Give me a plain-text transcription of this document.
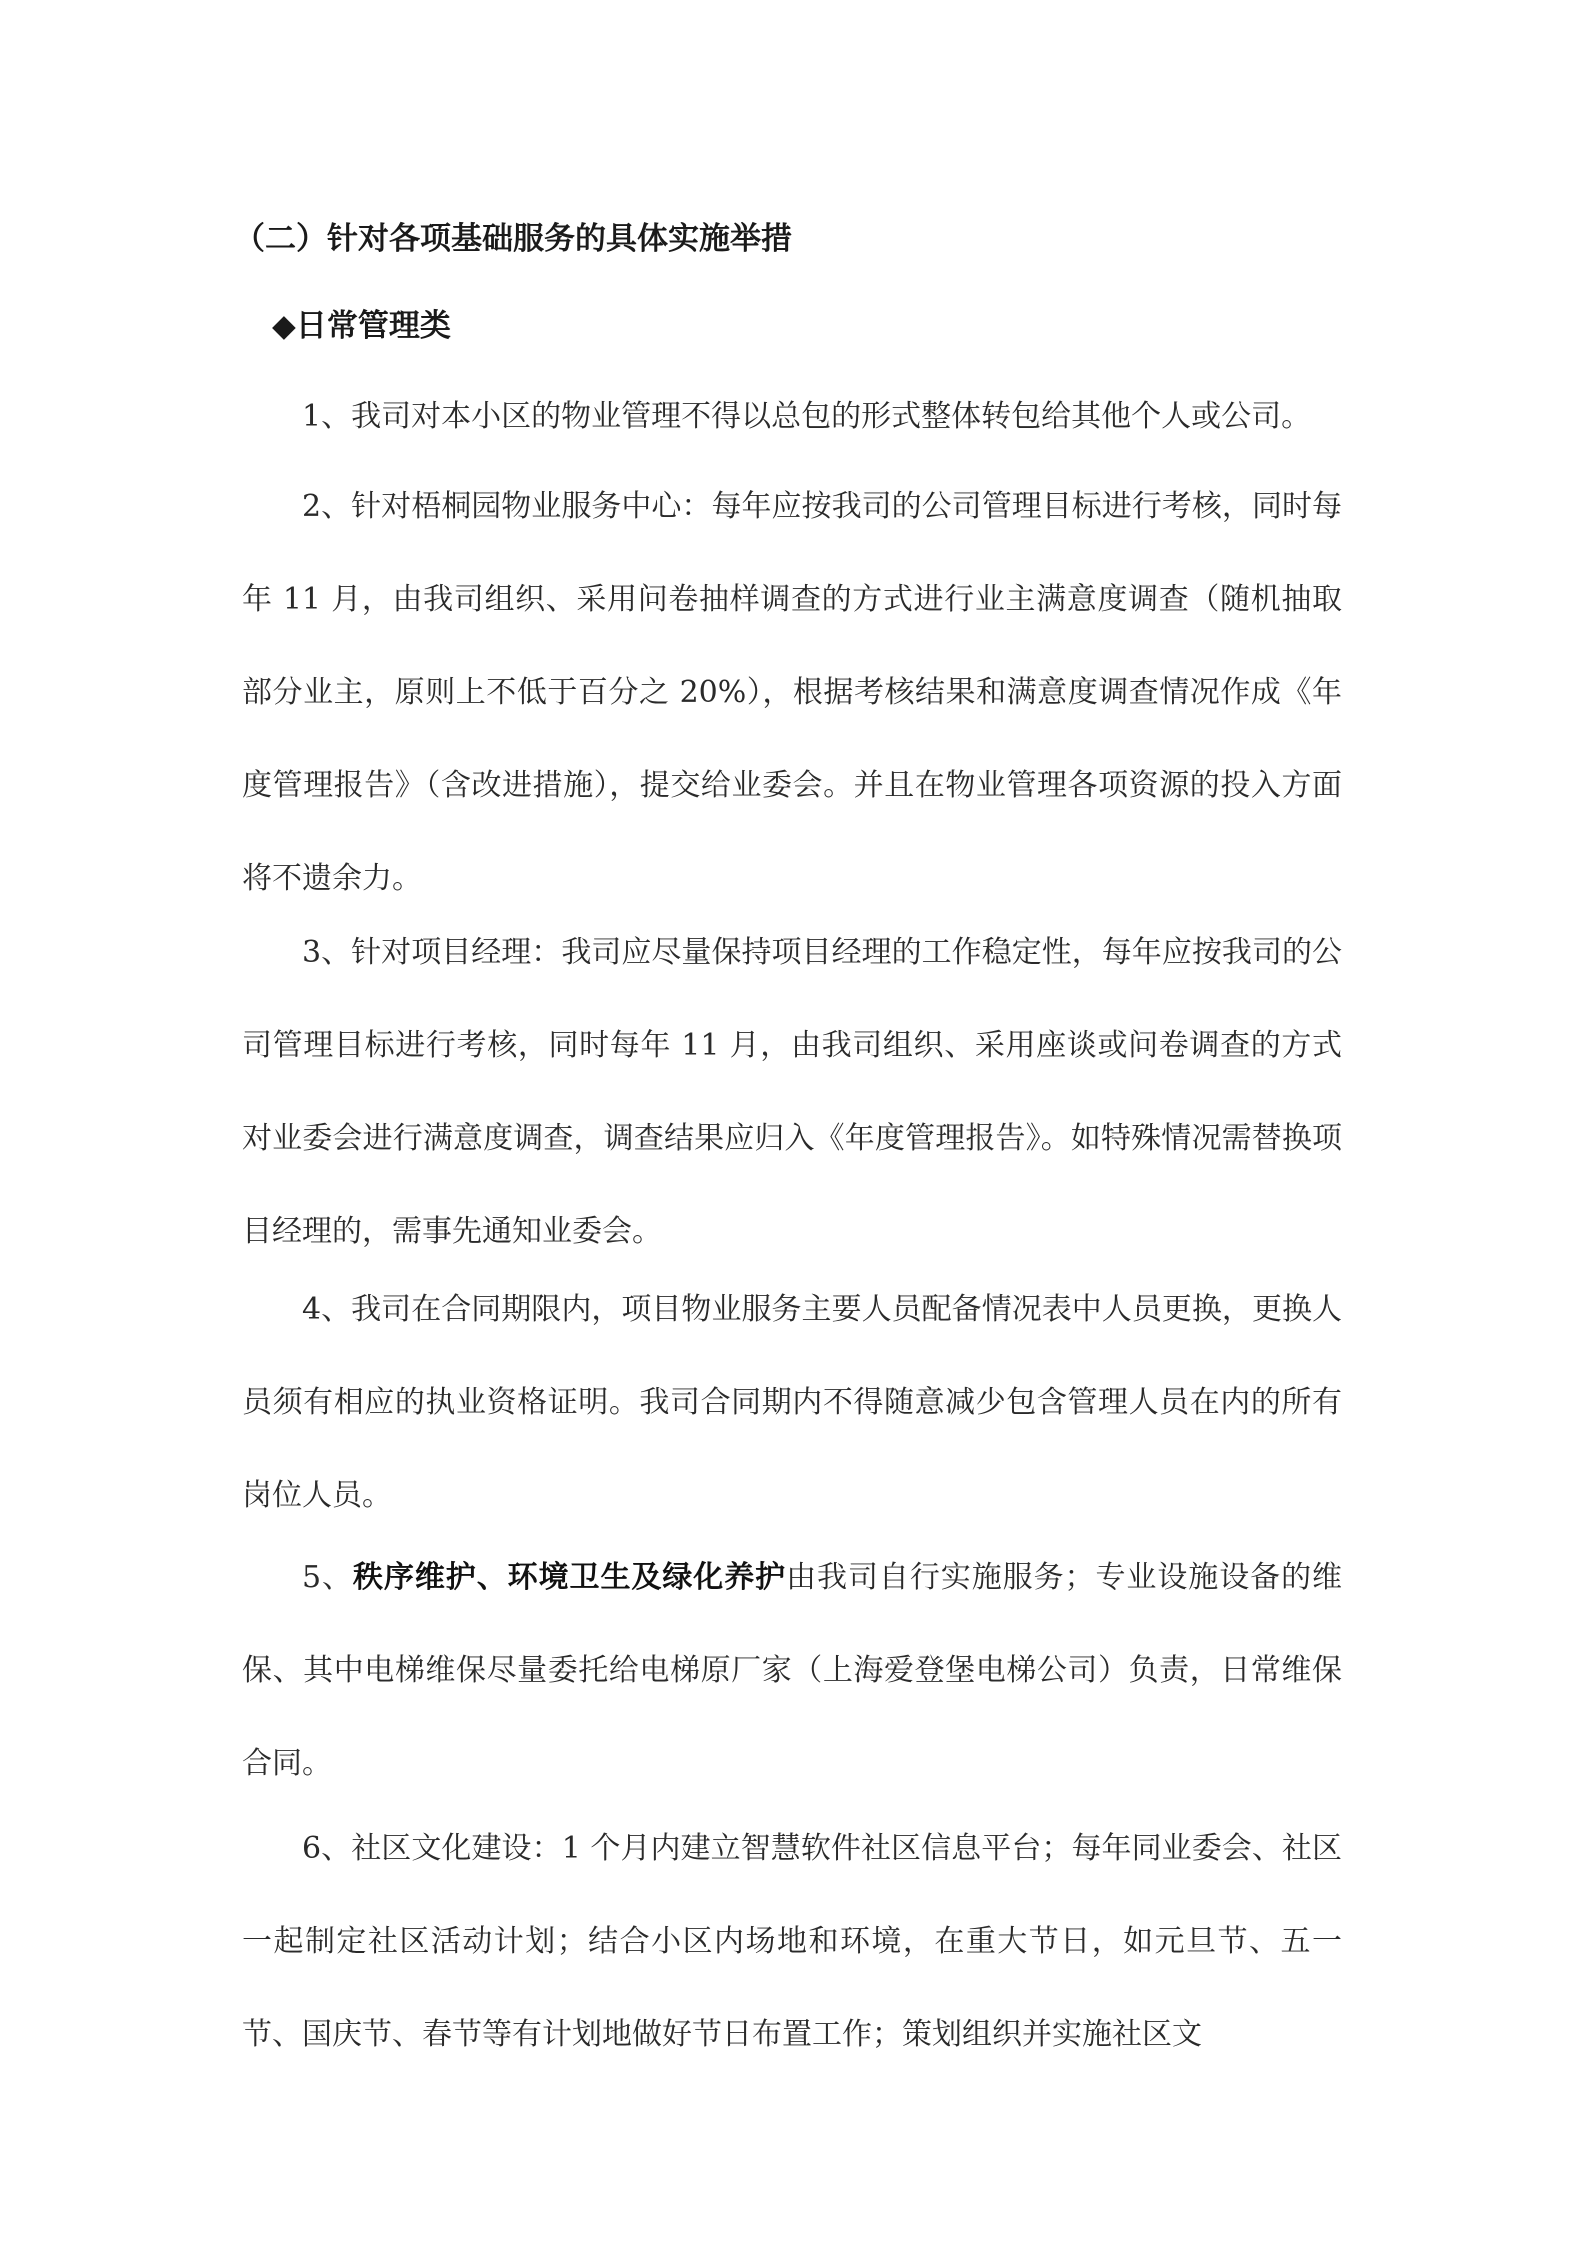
（二）针对各项基础服务的具体实施举措
◆日常管理类
1、我司对本小区的物业管理不得以总包的形式整体转包给其他个人或公司。
2、针对梧桐园物业服务中心：每年应按我司的公司管理目标进行考核，同时每年 11 月，由我司组织、采用问卷抽样调查的方式进行业主满意度调查（随机抽取部分业主，原则上不低于百分之 20%），根据考核结果和满意度调查情况作成《年度管理报告》（含改进措施），提交给业委会。并且在物业管理各项资源的投入方面将不遗余力。
3、针对项目经理：我司应尽量保持项目经理的工作稳定性，每年应按我司的公司管理目标进行考核，同时每年 11 月，由我司组织、采用座谈或问卷调查的方式对业委会进行满意度调查，调查结果应归入《年度管理报告》。如特殊情况需替换项目经理的，需事先通知业委会。
4、我司在合同期限内，项目物业服务主要人员配备情况表中人员更换，更换人员须有相应的执业资格证明。我司合同期内不得随意减少包含管理人员在内的所有岗位人员。
5、秩序维护、环境卫生及绿化养护由我司自行实施服务；专业设施设备的维保、其中电梯维保尽量委托给电梯原厂家（上海爱登堡电梯公司）负责，日常维保合同。
6、社区文化建设：1 个月内建立智慧软件社区信息平台；每年同业委会、社区一起制定社区活动计划；结合小区内场地和环境，在重大节日，如元旦节、五一节、国庆节、春节等有计划地做好节日布置工作；策划组织并实施社区文
